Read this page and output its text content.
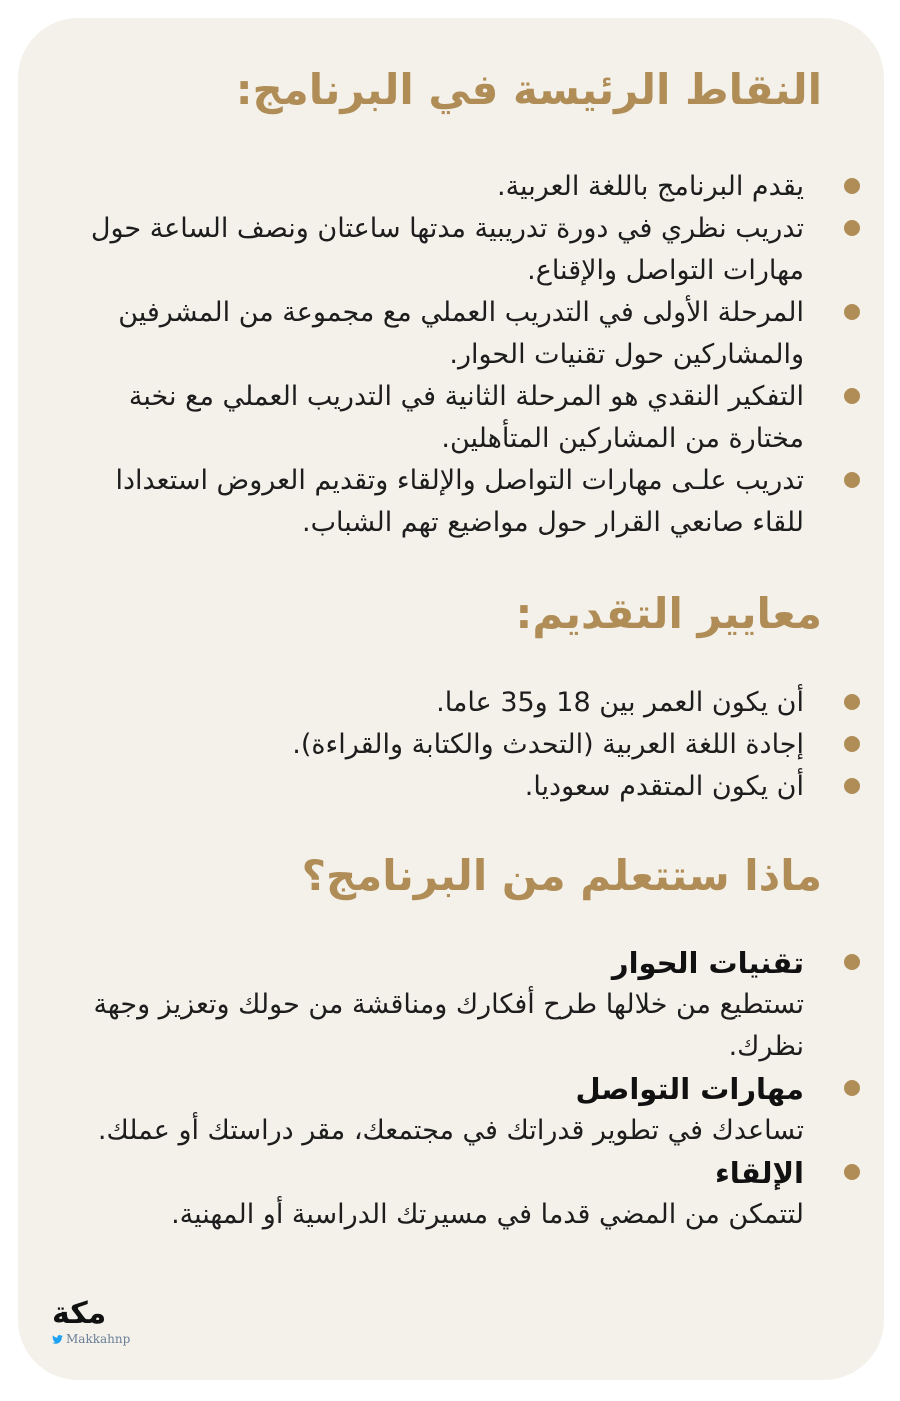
النقاط الرئيسة في البرنامج:
يقدم البرنامج باللغة العربية.
تدريب نظري في دورة تدريبية مدتها ساعتان ونصف الساعة حول مهارات التواصل والإقناع.
المرحلة الأولى في التدريب العملي مع مجموعة من المشرفين والمشاركين حول تقنيات الحوار.
التفكير النقدي هو المرحلة الثانية في التدريب العملي مع نخبة مختارة من المشاركين المتأهلين.
تدريب علـى مهارات التواصل والإلقاء وتقديم العروض استعدادا للقاء صانعي القرار حول مواضيع تهم الشباب.
معايير التقديم:
أن يكون العمر بين 18 و35 عاما.
إجادة اللغة العربية (التحدث والكتابة والقراءة).
أن يكون المتقدم سعوديا.
ماذا ستتعلم من البرنامج؟
تقنيات الحوار
تستطيع من خلالها طرح أفكارك ومناقشة من حولك وتعزيز وجهة نظرك.
مهارات التواصل
تساعدك في تطوير قدراتك في مجتمعك، مقر دراستك أو عملك.
الإلقاء
لتتمكن من المضي قدما في مسيرتك الدراسية أو المهنية.
مكة
Makkahnp
